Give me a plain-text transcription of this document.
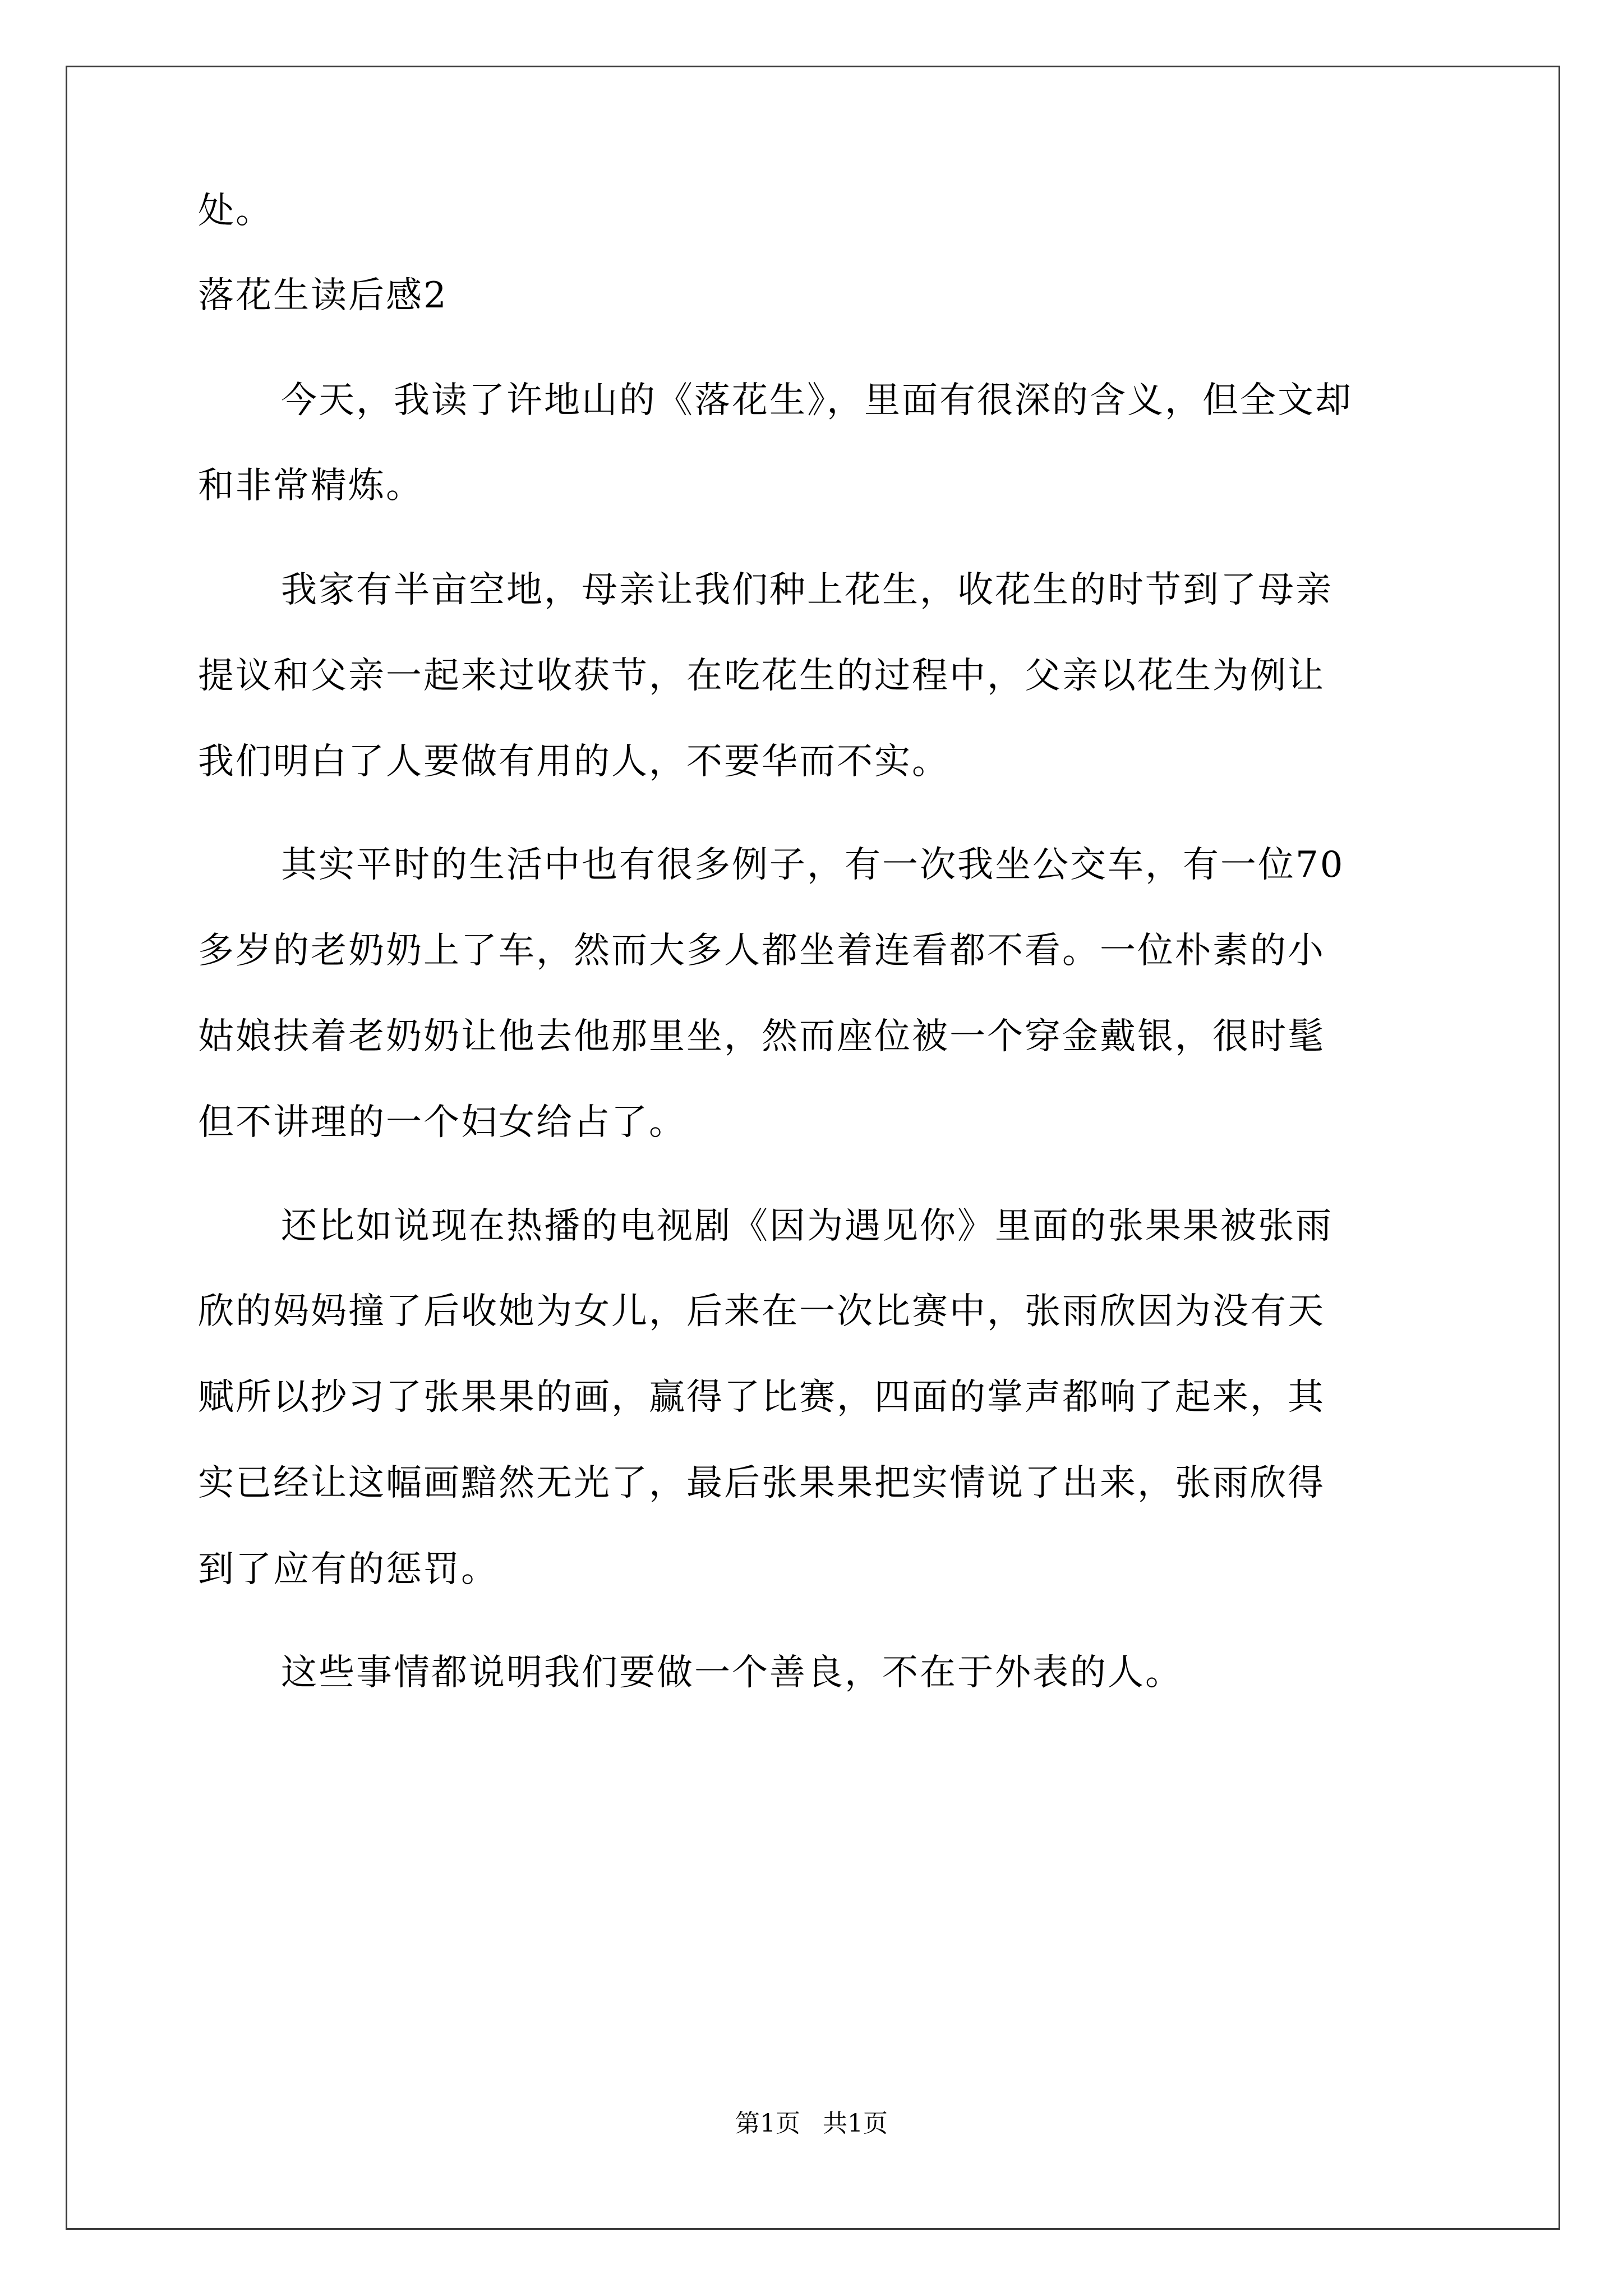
处。
落花生读后感2
今天，我读了许地山的《落花生》，里面有很深的含义，但全文却
和非常精炼。
我家有半亩空地，母亲让我们种上花生，收花生的时节到了母亲
提议和父亲一起来过收获节，在吃花生的过程中，父亲以花生为例让
我们明白了人要做有用的人，不要华而不实。
其实平时的生活中也有很多例子，有一次我坐公交车，有一位70
多岁的老奶奶上了车，然而大多人都坐着连看都不看。一位朴素的小
姑娘扶着老奶奶让他去他那里坐，然而座位被一个穿金戴银，很时髦
但不讲理的一个妇女给占了。
还比如说现在热播的电视剧《因为遇见你》里面的张果果被张雨
欣的妈妈撞了后收她为女儿，后来在一次比赛中，张雨欣因为没有天
赋所以抄习了张果果的画，赢得了比赛，四面的掌声都响了起来，其
实已经让这幅画黯然无光了，最后张果果把实情说了出来，张雨欣得
到了应有的惩罚。
这些事情都说明我们要做一个善良，不在于外表的人。
第1页 共1页
